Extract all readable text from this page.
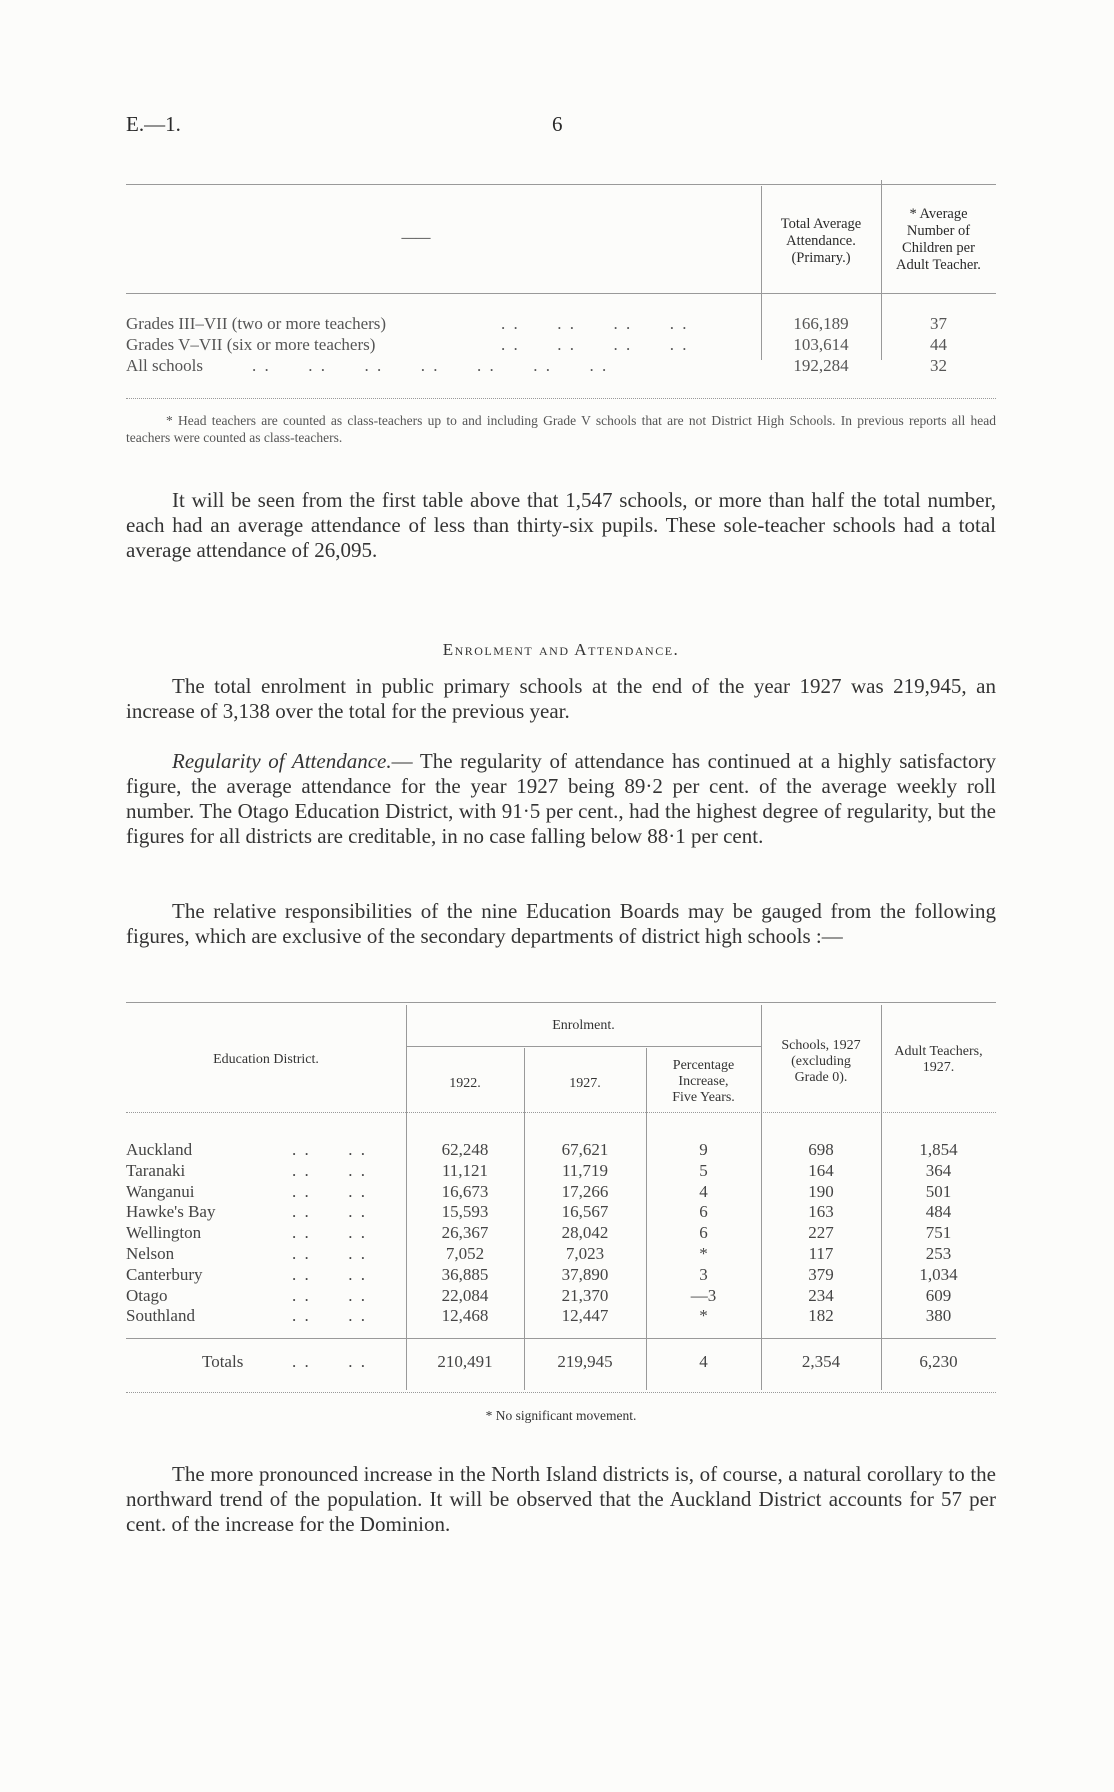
E.—1.	6
——
Total Average
Attendance.
(Primary.)
* Average
Number of
Children per
Adult Teacher.
Grades III–VII (two or more teachers)	. .      . .      . .      . .	166,189	37
Grades V–VII (six or more teachers)	. .      . .      . .      . .	103,614	44
All schools	. .      . .      . .      . .      . .      . .      . .	192,284	32
* Head teachers are counted as class-teachers up to and including Grade V schools that are not District High Schools. In previous reports all head teachers were counted as class-teachers.
It will be seen from the first table above that 1,547 schools, or more than half the total number, each had an average attendance of less than thirty-six pupils. These sole-teacher schools had a total average attendance of 26,095.
Enrolment and Attendance.
The total enrolment in public primary schools at the end of the year 1927 was 219,945, an increase of 3,138 over the total for the previous year.
Regularity of Attendance.— The regularity of attendance has continued at a highly satisfactory figure, the average attendance for the year 1927 being 89·2 per cent. of the average weekly roll number. The Otago Education District, with 91·5 per cent., had the highest degree of regularity, but the figures for all districts are creditable, in no case falling below 88·1 per cent.
The relative responsibilities of the nine Education Boards may be gauged from the following figures, which are exclusive of the secondary departments of district high schools :—
Education District.
Enrolment.
1922.	1927.
Percentage
Increase,
Five Years.
Schools, 1927
(excluding
Grade 0).
Adult Teachers,
1927.
Auckland	. .      . .	62,248	67,621	9	698	1,854
Taranaki	. .      . .	11,121	11,719	5	164	364
Wanganui	. .      . .	16,673	17,266	4	190	501
Hawke's Bay	. .      . .	15,593	16,567	6	163	484
Wellington	. .      . .	26,367	28,042	6	227	751
Nelson	. .      . .	7,052	7,023	*	117	253
Canterbury	. .      . .	36,885	37,890	3	379	1,034
Otago	. .      . .	22,084	21,370	—3	234	609
Southland	. .      . .	12,468	12,447	*	182	380
Totals	. .      . .	210,491	219,945	4	2,354	6,230
* No significant movement.
The more pronounced increase in the North Island districts is, of course, a natural corollary to the northward trend of the population. It will be observed that the Auckland District accounts for 57 per cent. of the increase for the Dominion.
